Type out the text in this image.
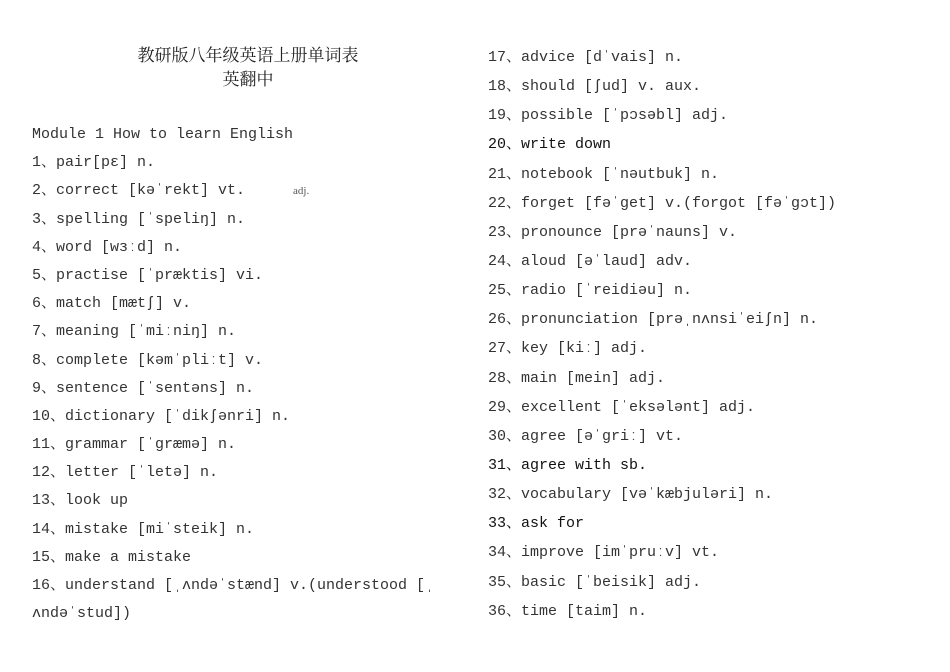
教研版八年级英语上册单词表
英翻中
Module 1 How to learn English
1、pair[pɛ] n.
2、correct [kəˈrekt] vt.
3、spelling [ˈspeliŋ] n.
4、word [wɜːd] n.
5、practise [ˈpræktis] vi.
6、match [mætʃ] v.
7、meaning [ˈmiːniŋ] n.
8、complete [kəmˈpliːt] v.
9、sentence [ˈsentəns] n.
10、dictionary [ˈdikʃənri] n.
11、grammar [ˈɡræmə] n.
12、letter [ˈletə] n.
13、look up
14、mistake [miˈsteik] n.
15、make a mistake
16、understand [ˌʌndəˈstænd] v.(understood [ˌ
ʌndəˈstud])
adj.
17、advice [dˈvais] n.
18、should [ʃud] v. aux.
19、possible [ˈpɔsəbl] adj.
20、write down
21、notebook [ˈnəutbuk] n.
22、forget [fəˈget] v.(forgot [fəˈgɔt])
23、pronounce [prəˈnauns] v.
24、aloud [əˈlaud] adv.
25、radio [ˈreidiəu] n.
26、pronunciation [prəˌnʌnsiˈeiʃn] n.
27、key [kiː] adj.
28、main [mein] adj.
29、excellent [ˈeksələnt] adj.
30、agree [əˈɡriː] vt.
31、agree with sb.
32、vocabulary [vəˈkæbjuləri] n.
33、ask for
34、improve [imˈpruːv] vt.
35、basic [ˈbeisik] adj.
36、time [taim] n.
